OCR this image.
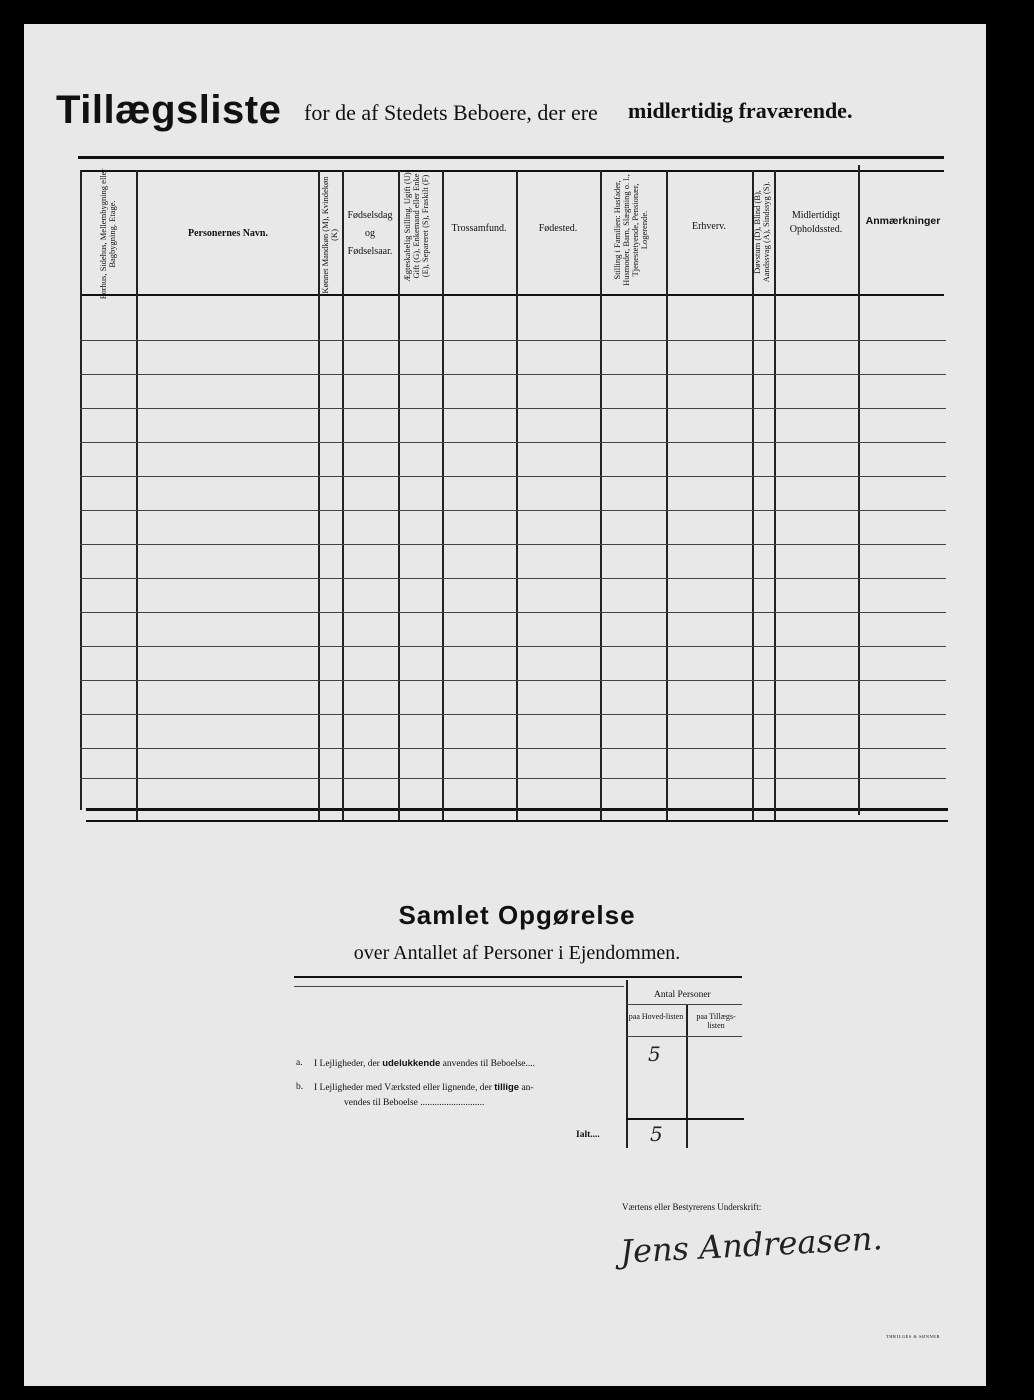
Tillægsliste for de af Stedets Beboere, der ere midlertidig fraværende.
Forhus, Sidehus, Mellembygning eller Bagbygning. Etage.	Personernes Navn.	Kønnet Mandkøn (M), Kvindekøn (K)
Fødselsdag
og
Fødselsaar.	Ægteskabelig Stilling. Ugift (U), Gift (G), Enkemand eller Enke (E), Separeret (S), Fraskilt (F)	Trossamfund.	Fødested.	Stilling i Familien: Husfader, Husmoder, Barn, Slægtning o. l., Tjenestetyende, Pensionær, Logerende.	Erhverv.	Døvstum (D), Blind (B), Aandssvag (A), Sindssyg (S).	Midlertidigt
Opholdssted.
Anmærkninger
Samlet Opgørelse
over Antallet af Personer i Ejendommen.
Antal Personer
paa Hoved-listen	paa Tillægs-listen
a. I Lejligheder, der udelukkende anvendes til Beboelse....	5
b. I Lejligheder med Værksted eller lignende, der tillige an-
vendes til Beboelse ...........................
Ialt....	5
Værtens eller Bestyrerens Underskrift:
Jens Andreasen.
THRILGES & SØNNER
